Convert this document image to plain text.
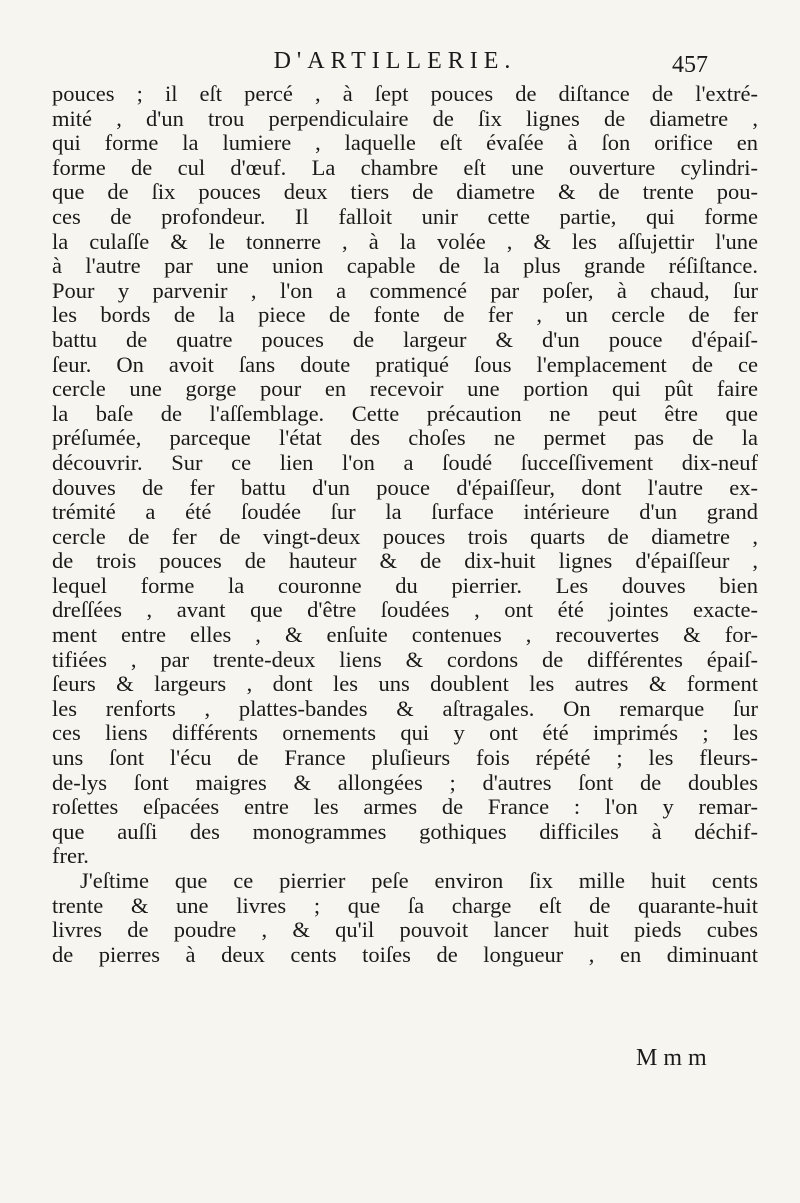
D'ARTILLERIE.	457
pouces ; il eſt percé , à ſept pouces de diſtance de l'extré-
mité , d'un trou perpendiculaire de ſix lignes de diametre ,
qui forme la lumiere , laquelle eſt évaſée à ſon orifice en
forme de cul d'œuf. La chambre eſt une ouverture cylindri-
que de ſix pouces deux tiers de diametre & de trente pou-
ces de profondeur. Il falloit unir cette partie, qui forme
la culaſſe & le tonnerre , à la volée , & les aſſujettir l'une
à l'autre par une union capable de la plus grande réſiſtance.
Pour y parvenir , l'on a commencé par poſer, à chaud, ſur
les bords de la piece de fonte de fer , un cercle de fer
battu de quatre pouces de largeur & d'un pouce d'épaiſ-
ſeur. On avoit ſans doute pratiqué ſous l'emplacement de ce
cercle une gorge pour en recevoir une portion qui pût faire
la baſe de l'aſſemblage. Cette précaution ne peut être que
préſumée, parceque l'état des choſes ne permet pas de la
découvrir. Sur ce lien l'on a ſoudé ſucceſſivement dix-neuf
douves de fer battu d'un pouce d'épaiſſeur, dont l'autre ex-
trémité a été ſoudée ſur la ſurface intérieure d'un grand
cercle de fer de vingt-deux pouces trois quarts de diametre ,
de trois pouces de hauteur & de dix-huit lignes d'épaiſſeur ,
lequel forme la couronne du pierrier. Les douves bien
dreſſées , avant que d'être ſoudées , ont été jointes exacte-
ment entre elles , & enſuite contenues , recouvertes & for-
tifiées , par trente-deux liens & cordons de différentes épaiſ-
ſeurs & largeurs , dont les uns doublent les autres & forment
les renforts , plattes-bandes & aſtragales. On remarque ſur
ces liens différents ornements qui y ont été imprimés ; les
uns ſont l'écu de France pluſieurs fois répété ; les fleurs-
de-lys ſont maigres & allongées ; d'autres ſont de doubles
roſettes eſpacées entre les armes de France : l'on y remar-
que auſſi des monogrammes gothiques difficiles à déchif-
frer.
J'eſtime que ce pierrier peſe environ ſix mille huit cents
trente & une livres ; que ſa charge eſt de quarante-huit
livres de poudre , & qu'il pouvoit lancer huit pieds cubes
de pierres à deux cents toiſes de longueur , en diminuant
M m m
